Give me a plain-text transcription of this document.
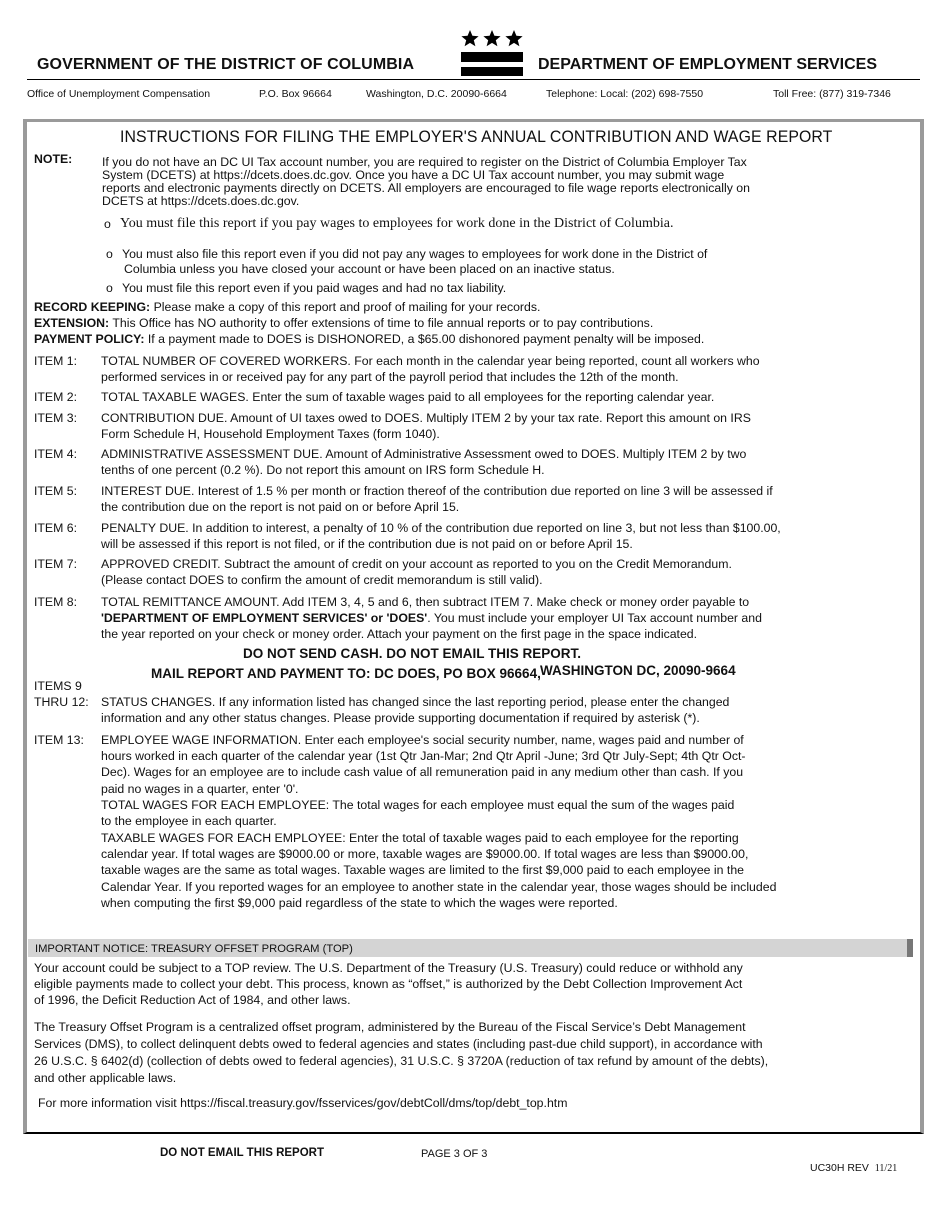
GOVERNMENT OF THE DISTRICT OF COLUMBIA	DEPARTMENT OF EMPLOYMENT SERVICES
Office of Unemployment Compensation	P.O. Box 96664	Washington, D.C. 20090-6664	Telephone: Local: (202) 698-7550	Toll Free: (877) 319-7346
INSTRUCTIONS FOR FILING THE EMPLOYER'S ANNUAL CONTRIBUTION AND WAGE REPORT
NOTE: If you do not have an DC UI Tax account number, you are required to register on the District of Columbia Employer Tax
System (DCETS) at https://dcets.does.dc.gov. Once you have a DC UI Tax account number, you may submit wage
reports and electronic payments directly on DCETS. All employers are encouraged to file wage reports electronically on
DCETS at https://dcets.does.dc.gov.
o You must file this report if you pay wages to employees for work done in the District of Columbia.
o You must also file this report even if you did not pay any wages to employees for work done in the District of
Columbia unless you have closed your account or have been placed on an inactive status.
o You must file this report even if you paid wages and had no tax liability.
RECORD KEEPING: Please make a copy of this report and proof of mailing for your records.
EXTENSION: This Office has NO authority to offer extensions of time to file annual reports or to pay contributions.
PAYMENT POLICY: If a payment made to DOES is DISHONORED, a $65.00 dishonored payment penalty will be imposed.
ITEM 1: TOTAL NUMBER OF COVERED WORKERS. For each month in the calendar year being reported, count all workers who
performed services in or received pay for any part of the payroll period that includes the 12th of the month.
ITEM 2: TOTAL TAXABLE WAGES. Enter the sum of taxable wages paid to all employees for the reporting calendar year.
ITEM 3: CONTRIBUTION DUE. Amount of UI taxes owed to DOES. Multiply ITEM 2 by your tax rate. Report this amount on IRS
Form Schedule H, Household Employment Taxes (form 1040).
ITEM 4: ADMINISTRATIVE ASSESSMENT DUE. Amount of Administrative Assessment owed to DOES. Multiply ITEM 2 by two
tenths of one percent (0.2 %). Do not report this amount on IRS form Schedule H.
ITEM 5: INTEREST DUE. Interest of 1.5 % per month or fraction thereof of the contribution due reported on line 3 will be assessed if
the contribution due on the report is not paid on or before April 15.
ITEM 6: PENALTY DUE. In addition to interest, a penalty of 10 % of the contribution due reported on line 3, but not less than $100.00,
will be assessed if this report is not filed, or if the contribution due is not paid on or before April 15.
ITEM 7: APPROVED CREDIT. Subtract the amount of credit on your account as reported to you on the Credit Memorandum.
(Please contact DOES to confirm the amount of credit memorandum is still valid).
ITEM 8: TOTAL REMITTANCE AMOUNT. Add ITEM 3, 4, 5 and 6, then subtract ITEM 7. Make check or money order payable to
'DEPARTMENT OF EMPLOYMENT SERVICES' or 'DOES'. You must include your employer UI Tax account number and
the year reported on your check or money order. Attach your payment on the first page in the space indicated.
DO NOT SEND CASH. DO NOT EMAIL THIS REPORT.
MAIL REPORT AND PAYMENT TO: DC DOES, PO BOX 96664, WASHINGTON DC, 20090-9664
ITEMS 9
THRU 12: STATUS CHANGES. If any information listed has changed since the last reporting period, please enter the changed
information and any other status changes. Please provide supporting documentation if required by asterisk (*).
ITEM 13: EMPLOYEE WAGE INFORMATION. Enter each employee's social security number, name, wages paid and number of
hours worked in each quarter of the calendar year (1st Qtr Jan-Mar; 2nd Qtr April -June; 3rd Qtr July-Sept; 4th Qtr Oct-
Dec). Wages for an employee are to include cash value of all remuneration paid in any medium other than cash. If you
paid no wages in a quarter, enter '0'.
TOTAL WAGES FOR EACH EMPLOYEE: The total wages for each employee must equal the sum of the wages paid
to the employee in each quarter.
TAXABLE WAGES FOR EACH EMPLOYEE: Enter the total of taxable wages paid to each employee for the reporting
calendar year. If total wages are $9000.00 or more, taxable wages are $9000.00. If total wages are less than $9000.00,
taxable wages are the same as total wages. Taxable wages are limited to the first $9,000 paid to each employee in the
Calendar Year. If you reported wages for an employee to another state in the calendar year, those wages should be included
when computing the first $9,000 paid regardless of the state to which the wages were reported.
IMPORTANT NOTICE: TREASURY OFFSET PROGRAM (TOP)
Your account could be subject to a TOP review. The U.S. Department of the Treasury (U.S. Treasury) could reduce or withhold any
eligible payments made to collect your debt. This process, known as “offset,” is authorized by the Debt Collection Improvement Act
of 1996, the Deficit Reduction Act of 1984, and other laws.
The Treasury Offset Program is a centralized offset program, administered by the Bureau of the Fiscal Service’s Debt Management
Services (DMS), to collect delinquent debts owed to federal agencies and states (including past-due child support), in accordance with
26 U.S.C. § 6402(d) (collection of debts owed to federal agencies), 31 U.S.C. § 3720A (reduction of tax refund by amount of the debts),
and other applicable laws.
For more information visit https://fiscal.treasury.gov/fsservices/gov/debtColl/dms/top/debt_top.htm
DO NOT EMAIL THIS REPORT	PAGE 3 OF 3
UC30H REV 11/21
